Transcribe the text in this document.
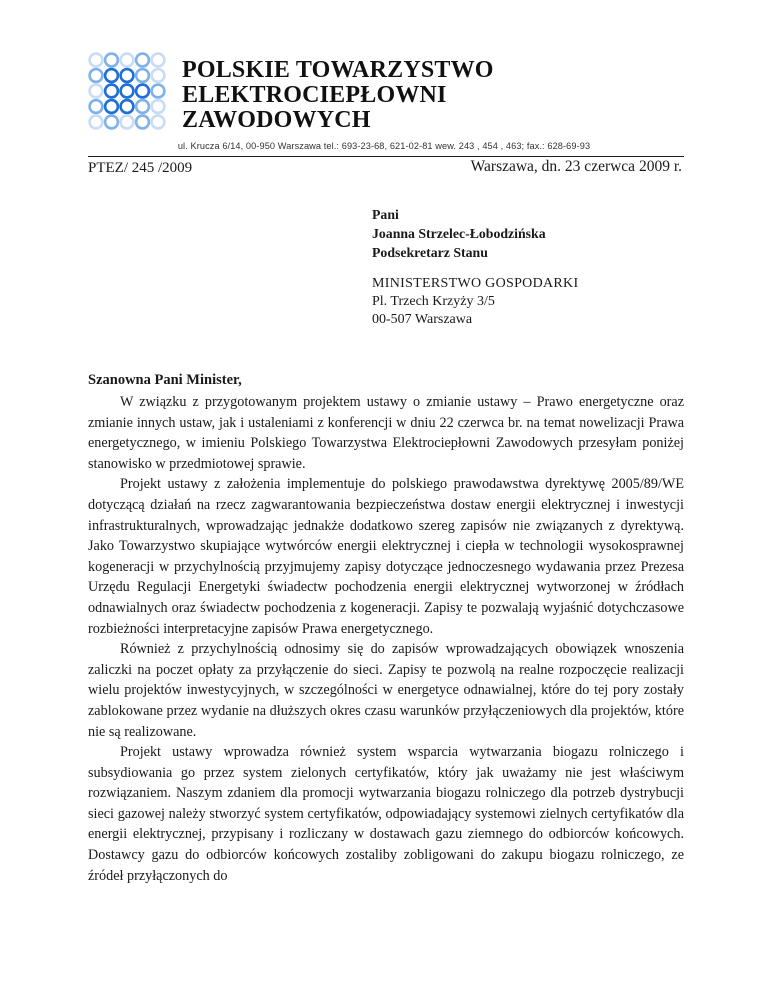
POLSKIE TOWARZYSTWO
ELEKTROCIEPŁOWNI
ZAWODOWYCH
ul. Krucza 6/14, 00-950 Warszawa tel.: 693-23-68, 621-02-81 wew. 243 , 454 , 463; fax.: 628-69-93
PTEZ/ 245 /2009	Warszawa, dn. 23 czerwca 2009 r.
Pani
Joanna Strzelec-Łobodzińska
Podsekretarz Stanu
MINISTERSTWO GOSPODARKI
Pl. Trzech Krzyży 3/5
00-507 Warszawa
Szanowna Pani Minister,

W związku z przygotowanym projektem ustawy o zmianie ustawy – Prawo energetyczne oraz zmianie innych ustaw, jak i ustaleniami z konferencji w dniu 22 czerwca br. na temat nowelizacji Prawa energetycznego, w imieniu Polskiego Towarzystwa Elektrociepłowni Zawodowych przesyłam poniżej stanowisko w przedmiotowej sprawie.

Projekt ustawy z założenia implementuje do polskiego prawodawstwa dyrektywę 2005/89/WE dotyczącą działań na rzecz zagwarantowania bezpieczeństwa dostaw energii elektrycznej i inwestycji infrastrukturalnych, wprowadzając jednakże dodatkowo szereg zapisów nie związanych z dyrektywą. Jako Towarzystwo skupiające wytwórców energii elektrycznej i ciepła w technologii wysokosprawnej kogeneracji w przychylnością przyjmujemy zapisy dotyczące jednoczesnego wydawania przez Prezesa Urzędu Regulacji Energetyki świadectw pochodzenia energii elektrycznej wytworzonej w źródłach odnawialnych oraz świadectw pochodzenia z kogeneracji. Zapisy te pozwalają wyjaśnić dotychczasowe rozbieżności interpretacyjne zapisów Prawa energetycznego.

Również z przychylnością odnosimy się do zapisów wprowadzających obowiązek wnoszenia zaliczki na poczet opłaty za przyłączenie do sieci. Zapisy te pozwolą na realne rozpoczęcie realizacji wielu projektów inwestycyjnych, w szczególności w energetyce odnawialnej, które do tej pory zostały zablokowane przez wydanie na dłuższych okres czasu warunków przyłączeniowych dla projektów, które nie są realizowane.

Projekt ustawy wprowadza również system wsparcia wytwarzania biogazu rolniczego i subsydiowania go przez system zielonych certyfikatów, który jak uważamy nie jest właściwym rozwiązaniem. Naszym zdaniem dla promocji wytwarzania biogazu rolniczego dla potrzeb dystrybucji sieci gazowej należy stworzyć system certyfikatów, odpowiadający systemowi zielnych certyfikatów dla energii elektrycznej, przypisany i rozliczany w dostawach gazu ziemnego do odbiorców końcowych. Dostawcy gazu do odbiorców końcowych zostaliby zobligowani do zakupu biogazu rolniczego, ze źródeł przyłączonych do
